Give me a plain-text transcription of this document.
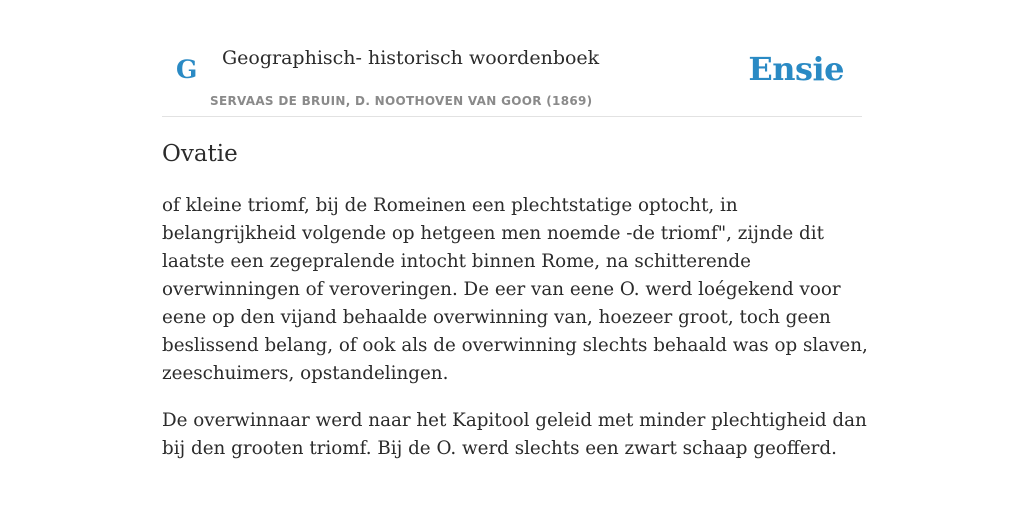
G Geographisch- historisch woordenboek
SERVAAS DE BRUIN, D. NOOTHOVEN VAN GOOR (1869)
Ensie
Ovatie

of kleine triomf, bij de Romeinen een plechtstatige optocht, in belangrijkheid volgende op hetgeen men noemde -de triomf", zijnde dit laatste een zegepralende intocht binnen Rome, na schitterende overwinningen of veroveringen. De eer van eene O. werd loégekend voor eene op den vijand behaalde overwinning van, hoezeer groot, toch geen beslissend belang, of ook als de overwinning slechts behaald was op slaven, zeeschuimers, opstandelingen.

De overwinnaar werd naar het Kapitool geleid met minder plechtigheid dan bij den grooten triomf. Bij de O. werd slechts een zwart schaap geofferd.
